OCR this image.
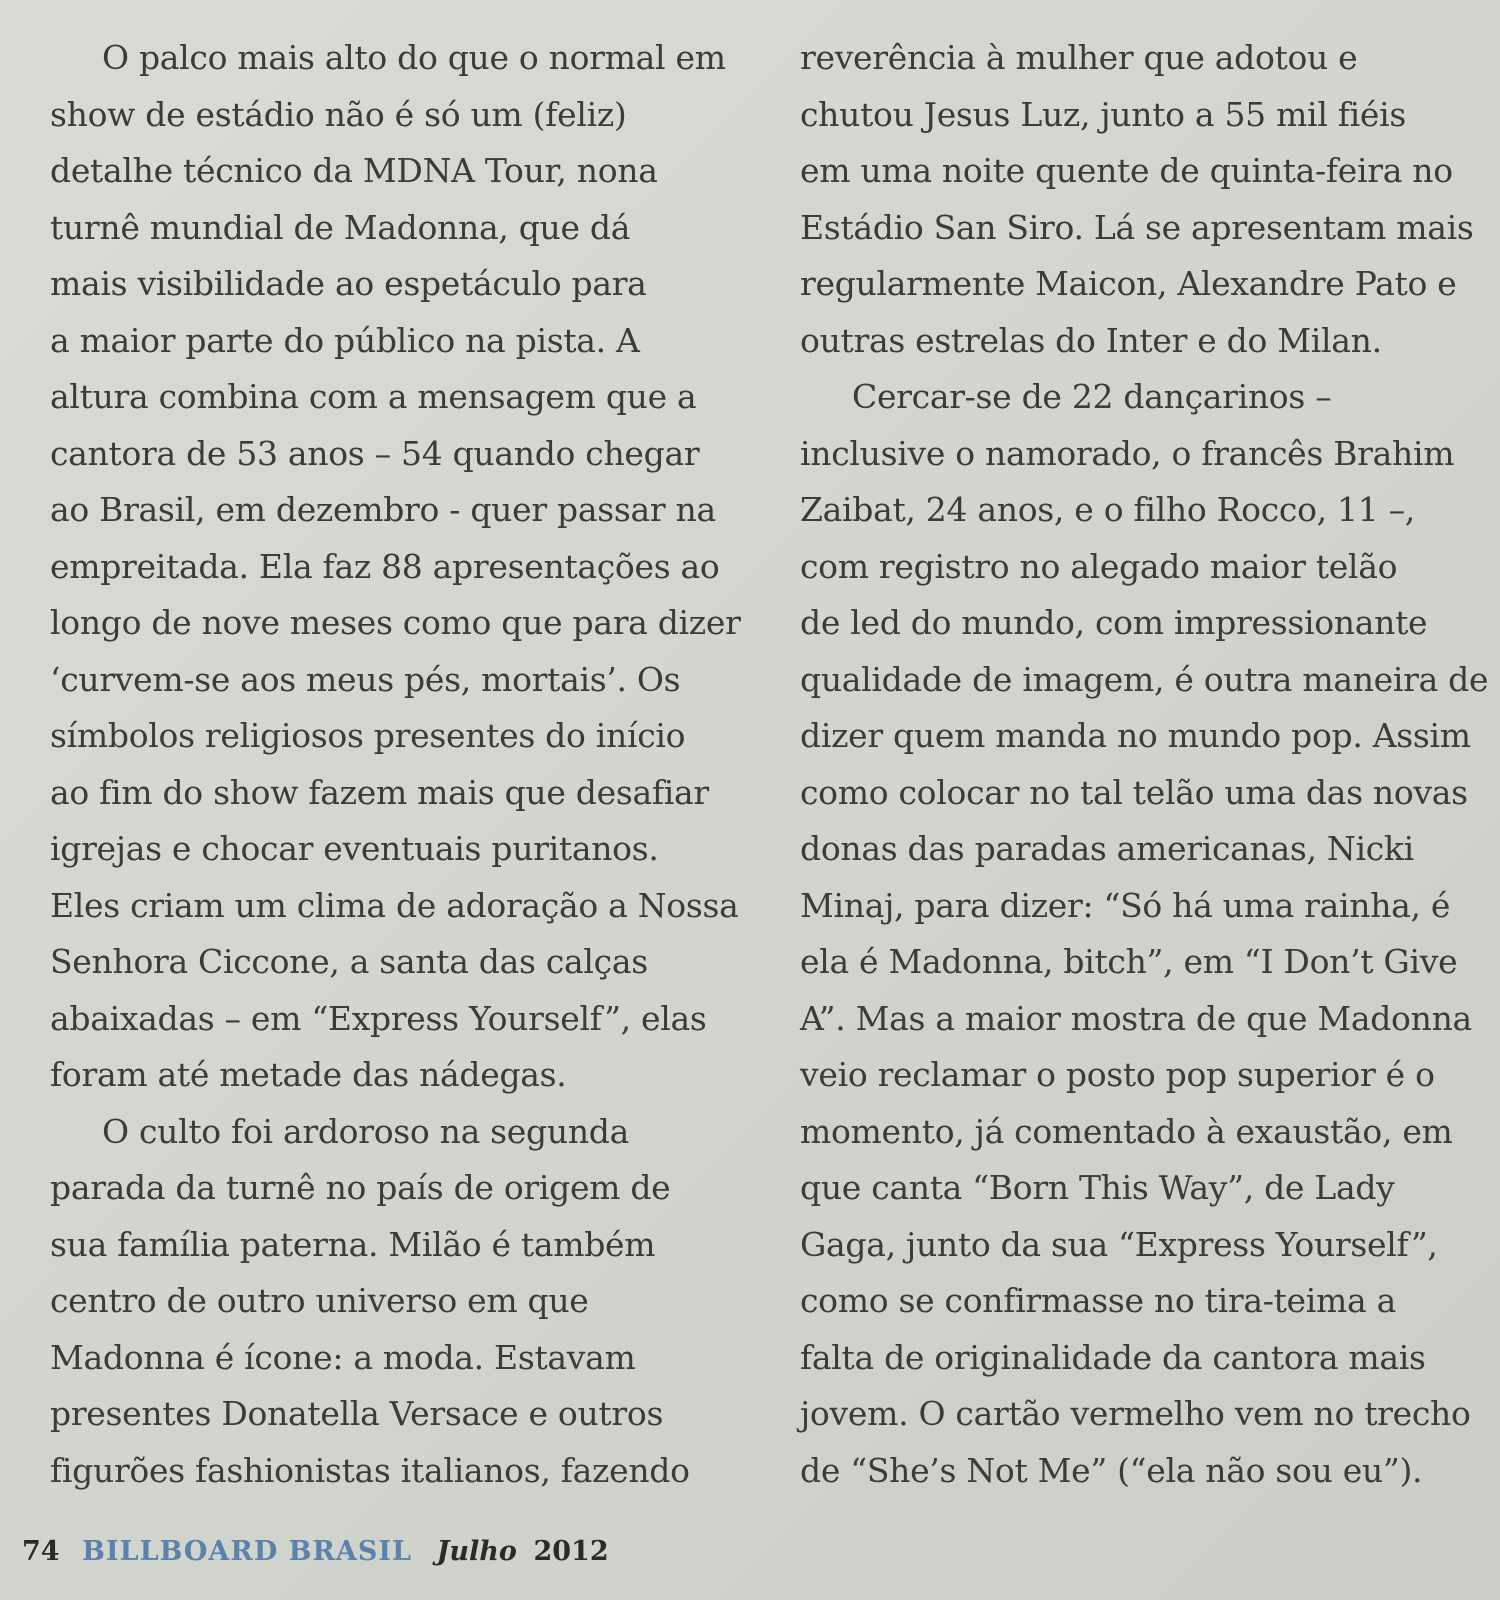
O palco mais alto do que o normal em
show de estádio não é só um (feliz)
detalhe técnico da MDNA Tour, nona
turnê mundial de Madonna, que dá
mais visibilidade ao espetáculo para
a maior parte do público na pista. A
altura combina com a mensagem que a
cantora de 53 anos – 54 quando chegar
ao Brasil, em dezembro - quer passar na
empreitada. Ela faz 88 apresentações ao
longo de nove meses como que para dizer
‘curvem-se aos meus pés, mortais’. Os
símbolos religiosos presentes do início
ao fim do show fazem mais que desafiar
igrejas e chocar eventuais puritanos.
Eles criam um clima de adoração a Nossa
Senhora Ciccone, a santa das calças
abaixadas – em “Express Yourself”, elas
foram até metade das nádegas.
O culto foi ardoroso na segunda
parada da turnê no país de origem de
sua família paterna. Milão é também
centro de outro universo em que
Madonna é ícone: a moda. Estavam
presentes Donatella Versace e outros
figurões fashionistas italianos, fazendo
reverência à mulher que adotou e
chutou Jesus Luz, junto a 55 mil fiéis
em uma noite quente de quinta-feira no
Estádio San Siro. Lá se apresentam mais
regularmente Maicon, Alexandre Pato e
outras estrelas do Inter e do Milan.
Cercar-se de 22 dançarinos –
inclusive o namorado, o francês Brahim
Zaibat, 24 anos, e o filho Rocco, 11 –,
com registro no alegado maior telão
de led do mundo, com impressionante
qualidade de imagem, é outra maneira de
dizer quem manda no mundo pop. Assim
como colocar no tal telão uma das novas
donas das paradas americanas, Nicki
Minaj, para dizer: “Só há uma rainha, é
ela é Madonna, bitch”, em “I Don’t Give
A”. Mas a maior mostra de que Madonna
veio reclamar o posto pop superior é o
momento, já comentado à exaustão, em
que canta “Born This Way”, de Lady
Gaga, junto da sua “Express Yourself”,
como se confirmasse no tira-teima a
falta de originalidade da cantora mais
jovem. O cartão vermelho vem no trecho
de “She’s Not Me” (“ela não sou eu”).
74 BILLBOARD BRASIL Julho 2012
